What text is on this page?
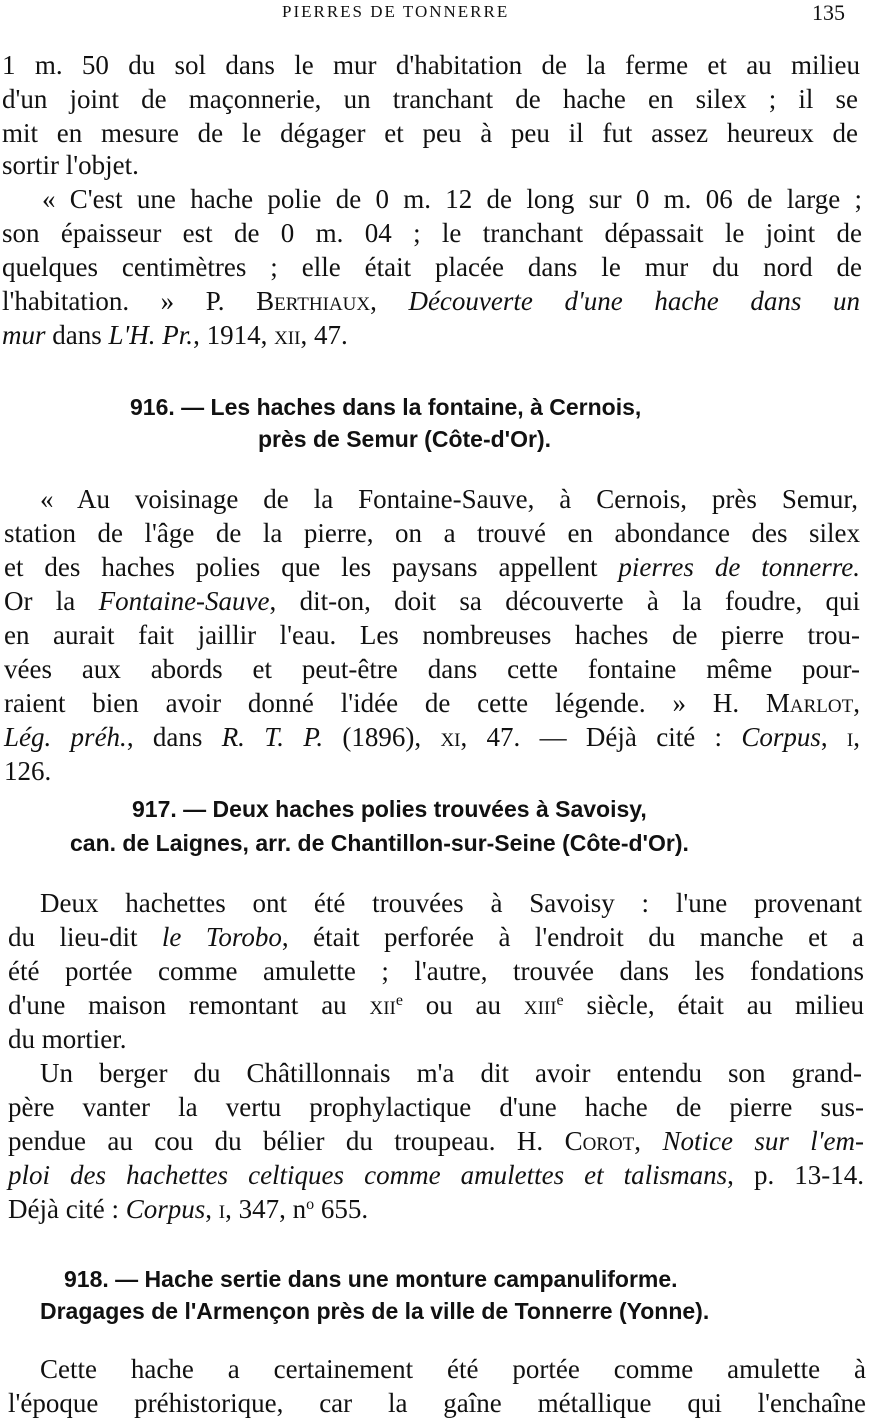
PIERRES DE TONNERRE	135
1 m. 50 du sol dans le mur d'habitation de la ferme et au milieu
d'un joint de maçonnerie, un tranchant de hache en silex ; il se
mit en mesure de le dégager et peu à peu il fut assez heureux de
sortir l'objet.
« C'est une hache polie de 0 m. 12 de long sur 0 m. 06 de large ;
son épaisseur est de 0 m. 04 ; le tranchant dépassait le joint de
quelques centimètres ; elle était placée dans le mur du nord de
l'habitation. » P. Berthiaux, Découverte d'une hache dans un
mur dans L'H. Pr., 1914, xii, 47.
916. — Les haches dans la fontaine, à Cernois,
près de Semur (Côte-d'Or).
« Au voisinage de la Fontaine-Sauve, à Cernois, près Semur,
station de l'âge de la pierre, on a trouvé en abondance des silex
et des haches polies que les paysans appellent pierres de tonnerre.
Or la Fontaine-Sauve, dit-on, doit sa découverte à la foudre, qui
en aurait fait jaillir l'eau. Les nombreuses haches de pierre trou-
vées aux abords et peut-être dans cette fontaine même pour-
raient bien avoir donné l'idée de cette légende. » H. Marlot,
Lég. préh., dans R. T. P. (1896), xi, 47. — Déjà cité : Corpus, i,
126.
917. — Deux haches polies trouvées à Savoisy,
can. de Laignes, arr. de Chantillon-sur-Seine (Côte-d'Or).
Deux hachettes ont été trouvées à Savoisy : l'une provenant
du lieu-dit le Torobo, était perforée à l'endroit du manche et a
été portée comme amulette ; l'autre, trouvée dans les fondations
d'une maison remontant au xii$^e$ ou au xiii$^e$ siècle, était au milieu
du mortier.
Un berger du Châtillonnais m'a dit avoir entendu son grand-
père vanter la vertu prophylactique d'une hache de pierre sus-
pendue au cou du bélier du troupeau. H. Corot, Notice sur l'em-
ploi des hachettes celtiques comme amulettes et talismans, p. 13-14.
Déjà cité : Corpus, i, 347, $n^o$ 655.
918. — Hache sertie dans une monture campanuliforme.
Dragages de l'Armençon près de la ville de Tonnerre (Yonne).
Cette hache a certainement été portée comme amulette à
l'époque préhistorique, car la gaîne métallique qui l'enchaîne
